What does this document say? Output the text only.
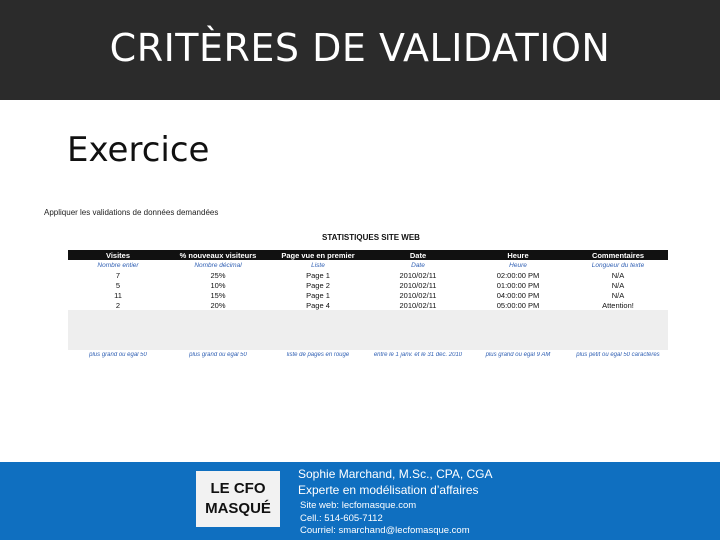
CRITÈRES DE VALIDATION
Exercice
Appliquer les validations de données demandées
STATISTIQUES SITE WEB
Visites	% nouveaux visiteurs	Page vue en premier	Date	Heure	Commentaires
Nombre entier	Nombre décimal	Liste	Date	Heure	Longueur du texte
7	25%	Page 1	2010/02/11	02:00:00 PM	N/A
5	10%	Page 2	2010/02/11	01:00:00 PM	N/A
11	15%	Page 1	2010/02/11	04:00:00 PM	N/A
2	20%	Page 4	2010/02/11	05:00:00 PM	Attention!
plus grand ou égal 50	plus grand ou égal 50	liste de pages en rouge	entre le 1 janv. et le 31 déc. 2010	plus grand ou égal 9 AM	plus petit ou égal 50 caractères
LE CFO
MASQUÉ
Sophie Marchand, M.Sc., CPA, CGA
Experte en modélisation d’affaires
Site web: lecfomasque.com
Cell.: 514-605-7112
Courriel: smarchand@lecfomasque.com
